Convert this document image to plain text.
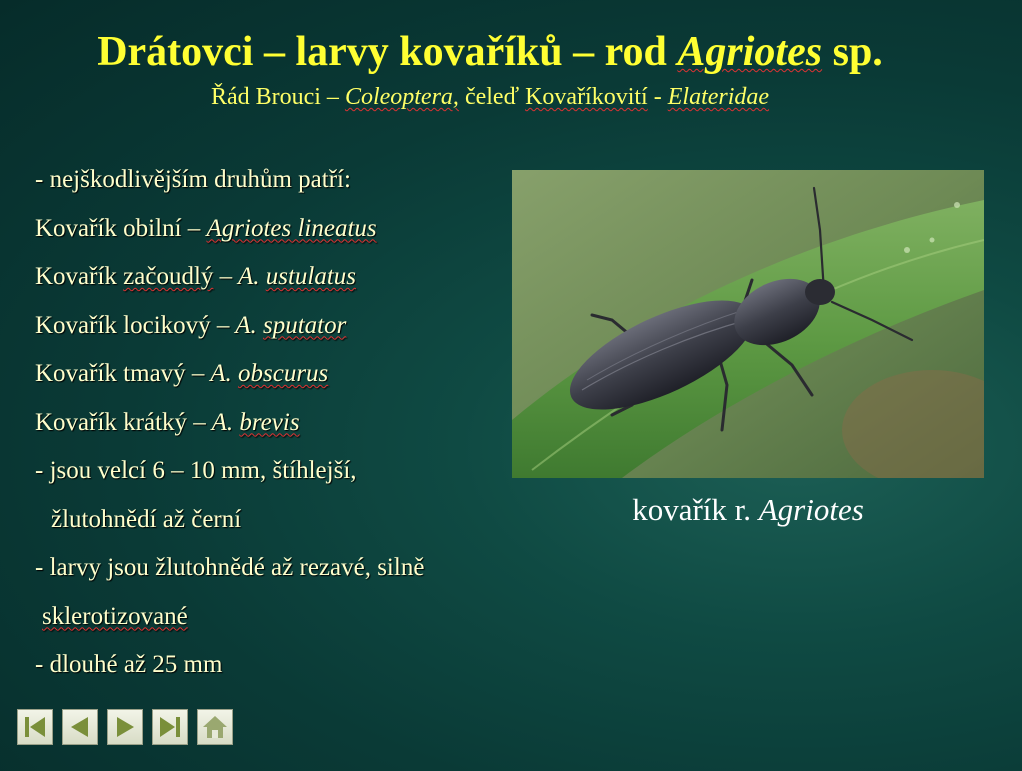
Drátovci – larvy kovaříků – rod Agriotes sp.
Řád Brouci – Coleoptera, čeleď Kovaříkovití - Elateridae
- nejškodlivějším druhům patří:
Kovařík obilní – Agriotes lineatus
Kovařík začoudlý – A. ustulatus
Kovařík locikový – A. sputator
Kovařík tmavý – A. obscurus
Kovařík krátký – A. brevis
- jsou velcí 6 – 10 mm, štíhlejší,
žlutohnědí až černí
- larvy jsou žlutohnědé až rezavé, silně
sklerotizované
- dlouhé až 25 mm
kovařík r. Agriotes
